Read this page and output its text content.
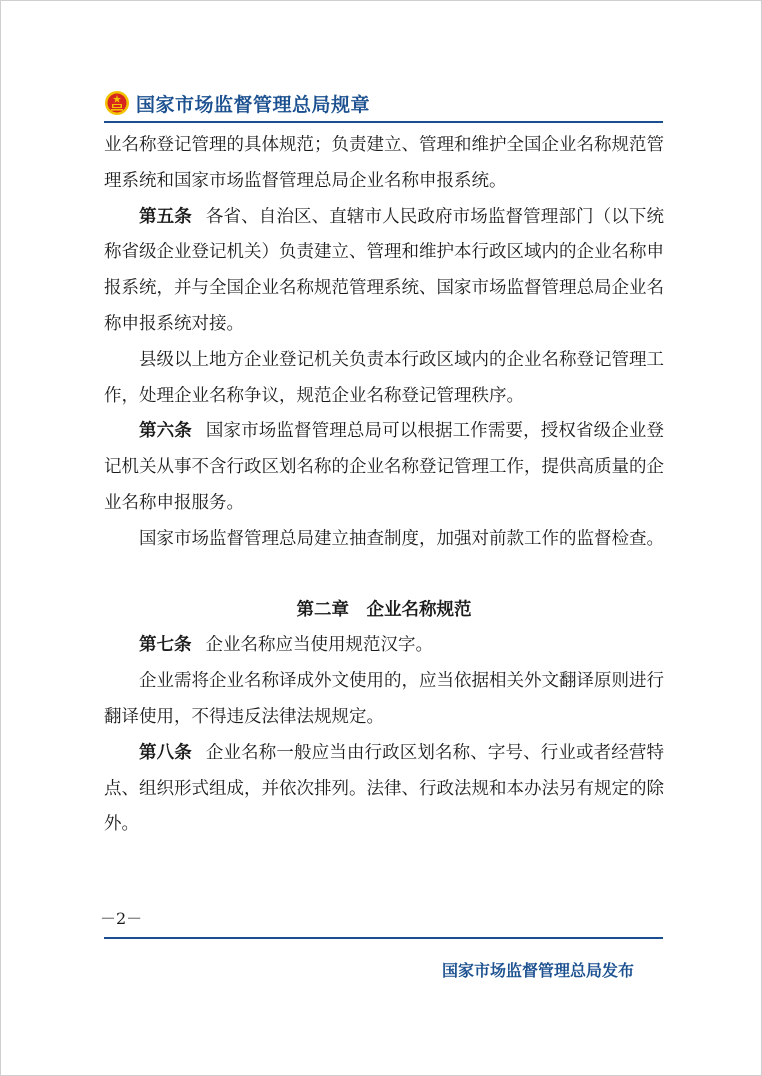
国家市场监督管理总局规章

业名称登记管理的具体规范；负责建立、管理和维护全国企业名称规范管理系统和国家市场监督管理总局企业名称申报系统。

第五条 各省、自治区、直辖市人民政府市场监督管理部门（以下统称省级企业登记机关）负责建立、管理和维护本行政区域内的企业名称申报系统，并与全国企业名称规范管理系统、国家市场监督管理总局企业名称申报系统对接。

县级以上地方企业登记机关负责本行政区域内的企业名称登记管理工作，处理企业名称争议，规范企业名称登记管理秩序。

第六条 国家市场监督管理总局可以根据工作需要，授权省级企业登记机关从事不含行政区划名称的企业名称登记管理工作，提供高质量的企业名称申报服务。

国家市场监督管理总局建立抽查制度，加强对前款工作的监督检查。

第二章　企业名称规范

第七条 企业名称应当使用规范汉字。

企业需将企业名称译成外文使用的，应当依据相关外文翻译原则进行翻译使用，不得违反法律法规规定。

第八条 企业名称一般应当由行政区划名称、字号、行业或者经营特点、组织形式组成，并依次排列。法律、行政法规和本办法另有规定的除外。

－2－
国家市场监督管理总局发布
